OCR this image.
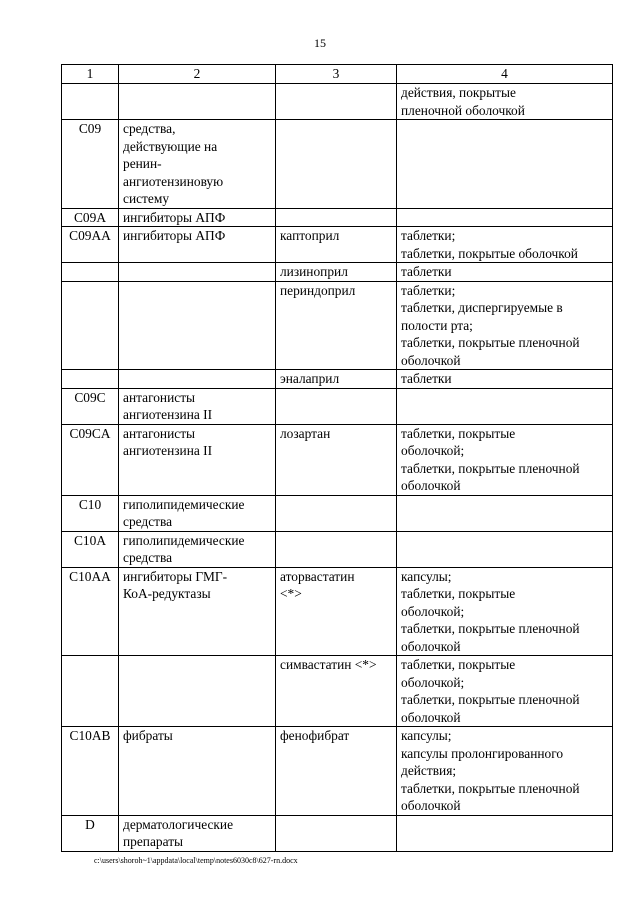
15
1	2	3	4

			действия, покрытые
пленочной оболочкой

C09	средства,
действующие на
ренин-
ангиотензиновую
систему		

C09A	ингибиторы АПФ		

C09AA	ингибиторы АПФ	каптоприл	таблетки;
таблетки, покрытые оболочкой

		лизиноприл	таблетки

		периндоприл	таблетки;
таблетки, диспергируемые в
полости рта;
таблетки, покрытые пленочной
оболочкой

		эналаприл	таблетки

C09C	антагонисты
ангиотензина II		

C09CA	антагонисты
ангиотензина II	лозартан	таблетки, покрытые
оболочкой;
таблетки, покрытые пленочной
оболочкой

C10	гиполипидемические
средства		

C10A	гиполипидемические
средства		

C10AA	ингибиторы ГМГ-
КоА-редуктазы	аторвастатин
<*>	капсулы;
таблетки, покрытые
оболочкой;
таблетки, покрытые пленочной
оболочкой

		симвастатин <*>	таблетки, покрытые
оболочкой;
таблетки, покрытые пленочной
оболочкой

C10AB	фибраты	фенофибрат	капсулы;
капсулы пролонгированного
действия;
таблетки, покрытые пленочной
оболочкой

D	дерматологические
препараты		

c:\users\shoroh~1\appdata\local\temp\notes6030c8\627-rn.docx
